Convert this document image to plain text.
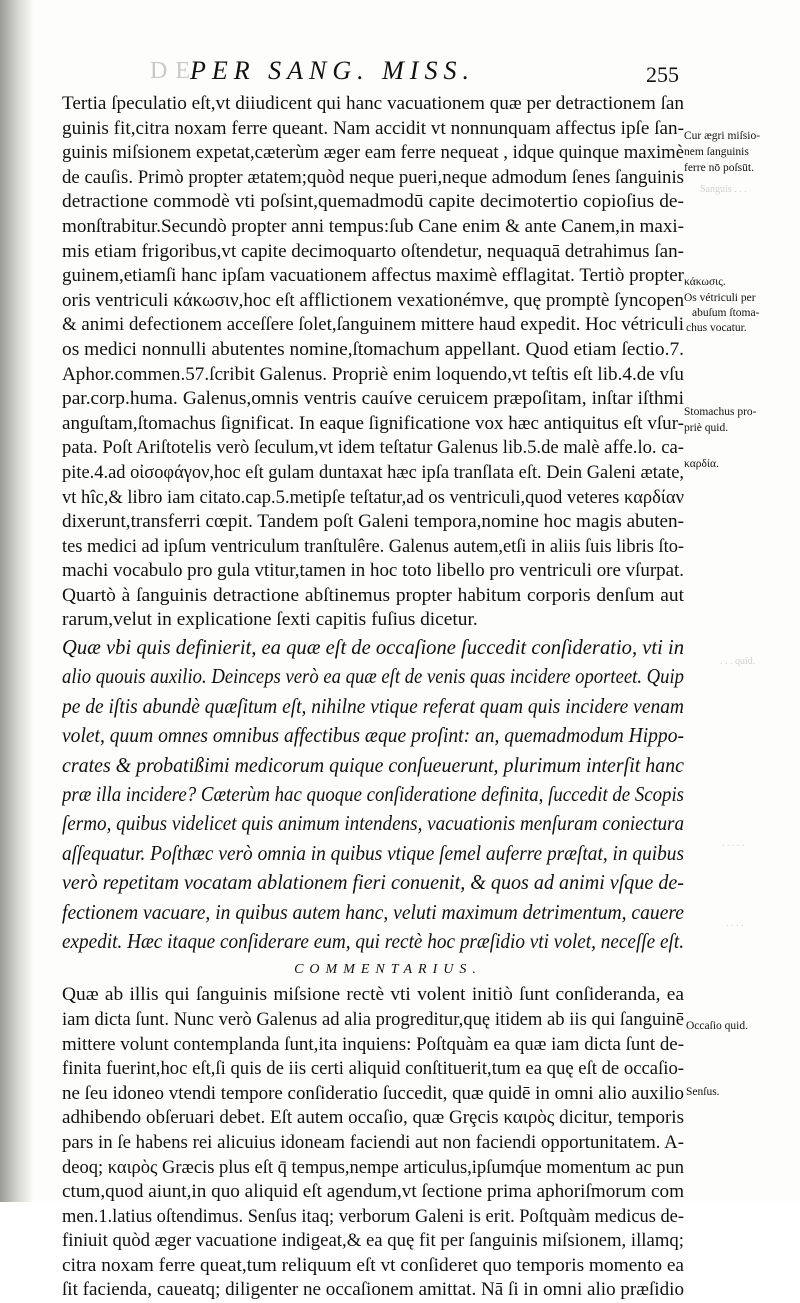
DE
PER SANG. MISS.	255
Tertia ſpeculatio eſt,vt diiudicent qui hanc vacuationem quæ per detractionem ſan
guinis fit,citra noxam ferre queant. Nam accidit vt nonnunquam affectus ipſe ſan-
guinis miſsionem expetat,cæterùm æger eam ferre nequeat , idque quinque maximè
de cauſis. Primò propter ætatem;quòd neque pueri,neque admodum ſenes ſanguinis
detractione commodè vti poſsint,quemadmodū capite decimotertio copioſius de-
monſtrabitur.Secundò propter anni tempus:ſub Cane enim & ante Canem,in maxi-
mis etiam frigoribus,vt capite decimoquarto oſtendetur, nequaquā detrahimus ſan-
guinem,etiamſi hanc ipſam vacuationem affectus maximè efflagitat. Tertiò propter
oris ventriculi κάκωσιν,hoc eſt afflictionem vexationémve, quę promptè ſyncopen
& animi defectionem acceſſere ſolet,ſanguinem mittere haud expedit. Hoc vétriculi
os medici nonnulli abutentes nomine,ſtomachum appellant. Quod etiam ſectio.7.
Aphor.commen.57.ſcribit Galenus. Propriè enim loquendo,vt teſtis eſt lib.4.de vſu
par.corp.huma. Galenus,omnis ventris cauíve ceruicem præpoſitam, inſtar iſthmi
anguſtam,ſtomachus ſignificat. In eaque ſignificatione vox hæc antiquitus eſt vſur-
pata. Poſt Ariſtotelis verò ſeculum,vt idem teſtatur Galenus lib.5.de malè affe.lo. ca-
pite.4.ad οἰσοφάγον,hoc eſt gulam duntaxat hæc ipſa tranſlata eſt. Dein Galeni ætate,
vt hîc,& libro iam citato.cap.5.metipſe teſtatur,ad os ventriculi,quod veteres καρδίαν
dixerunt,transferri cœpit. Tandem poſt Galeni tempora,nomine hoc magis abuten-
tes medici ad ipſum ventriculum tranſtulêre. Galenus autem,etſi in aliis ſuis libris ſto-
machi vocabulo pro gula vtitur,tamen in hoc toto libello pro ventriculi ore vſurpat.
Quartò à ſanguinis detractione abſtinemus propter habitum corporis denſum aut
rarum,velut in explicatione ſexti capitis fuſius dicetur.
Quæ vbi quis definierit, ea quæ eſt de occaſione ſuccedit conſideratio, vti in
alio quouis auxilio. Deinceps verò ea quæ eſt de venis quas incidere oporteet. Quip
pe de iſtis abundè quæſitum eſt, nihilne vtique referat quam quis incidere venam
volet, quum omnes omnibus affectibus æque proſint: an, quemadmodum Hippo-
crates & probatißimi medicorum quique conſueuerunt, plurimum interſit hanc
præ illa incidere? Cæterùm hac quoque conſideratione definita, ſuccedit de Scopis
ſermo, quibus videlicet quis animum intendens, vacuationis menſuram coniectura
aſſequatur. Poſthæc verò omnia in quibus vtique ſemel auferre præſtat, in quibus
verò repetitam vocatam ablationem fieri conuenit, & quos ad animi vſque de-
fectionem vacuare, in quibus autem hanc, veluti maximum detrimentum, cauere
expedit. Hæc itaque conſiderare eum, qui rectè hoc præſidio vti volet, neceſſe eſt.
COMMENTARIUS.
Quæ ab illis qui ſanguinis miſsione rectè vti volent initiò ſunt conſideranda, ea
iam dicta ſunt. Nunc verò Galenus ad alia progreditur,quę itidem ab iis qui ſanguinē
mittere volunt contemplanda ſunt,ita inquiens: Poſtquàm ea quæ iam dicta ſunt de-
finita fuerint,hoc eſt,ſi quis de iis certi aliquid conſtituerit,tum ea quę eſt de occaſio-
ne ſeu idoneo vtendi tempore conſideratio ſuccedit, quæ quidē in omni alio auxilio
adhibendo obſeruari debet. Eſt autem occaſio, quæ Grȩcis καιρὸς dicitur, temporis
pars in ſe habens rei alicuius idoneam faciendi aut non faciendi opportunitatem. A-
deoq; καιρὸς Græcis plus eſt q̄ tempus,nempe articulus,ipſumq́ue momentum ac pun
ctum,quod aiunt,in quo aliquid eſt agendum,vt ſectione prima aphoriſmorum com
men.1.latius oſtendimus. Senſus itaq; verborum Galeni is erit. Poſtquàm medicus de-
finiuit quòd æger vacuatione indigeat,& ea quę fit per ſanguinis miſsionem, illamq;
citra noxam ferre queat,tum reliquum eſt vt conſideret quo temporis momento ea
ſit facienda, caueatq; diligenter ne occaſionem amittat. Nā ſi in omni alio præſidio
Cur ægri miſsio-
nem ſanguinis
ferre nō poſsūt.
Sanguis . . .
κάκωσις.
Os vétriculi per
abuſum ſtoma-
chus vocatur.
Stomachus pro-
priè quid.
καρδία.
. . . quid.
. . . . .
. . . .
Occaſio quid.
Senſus.
